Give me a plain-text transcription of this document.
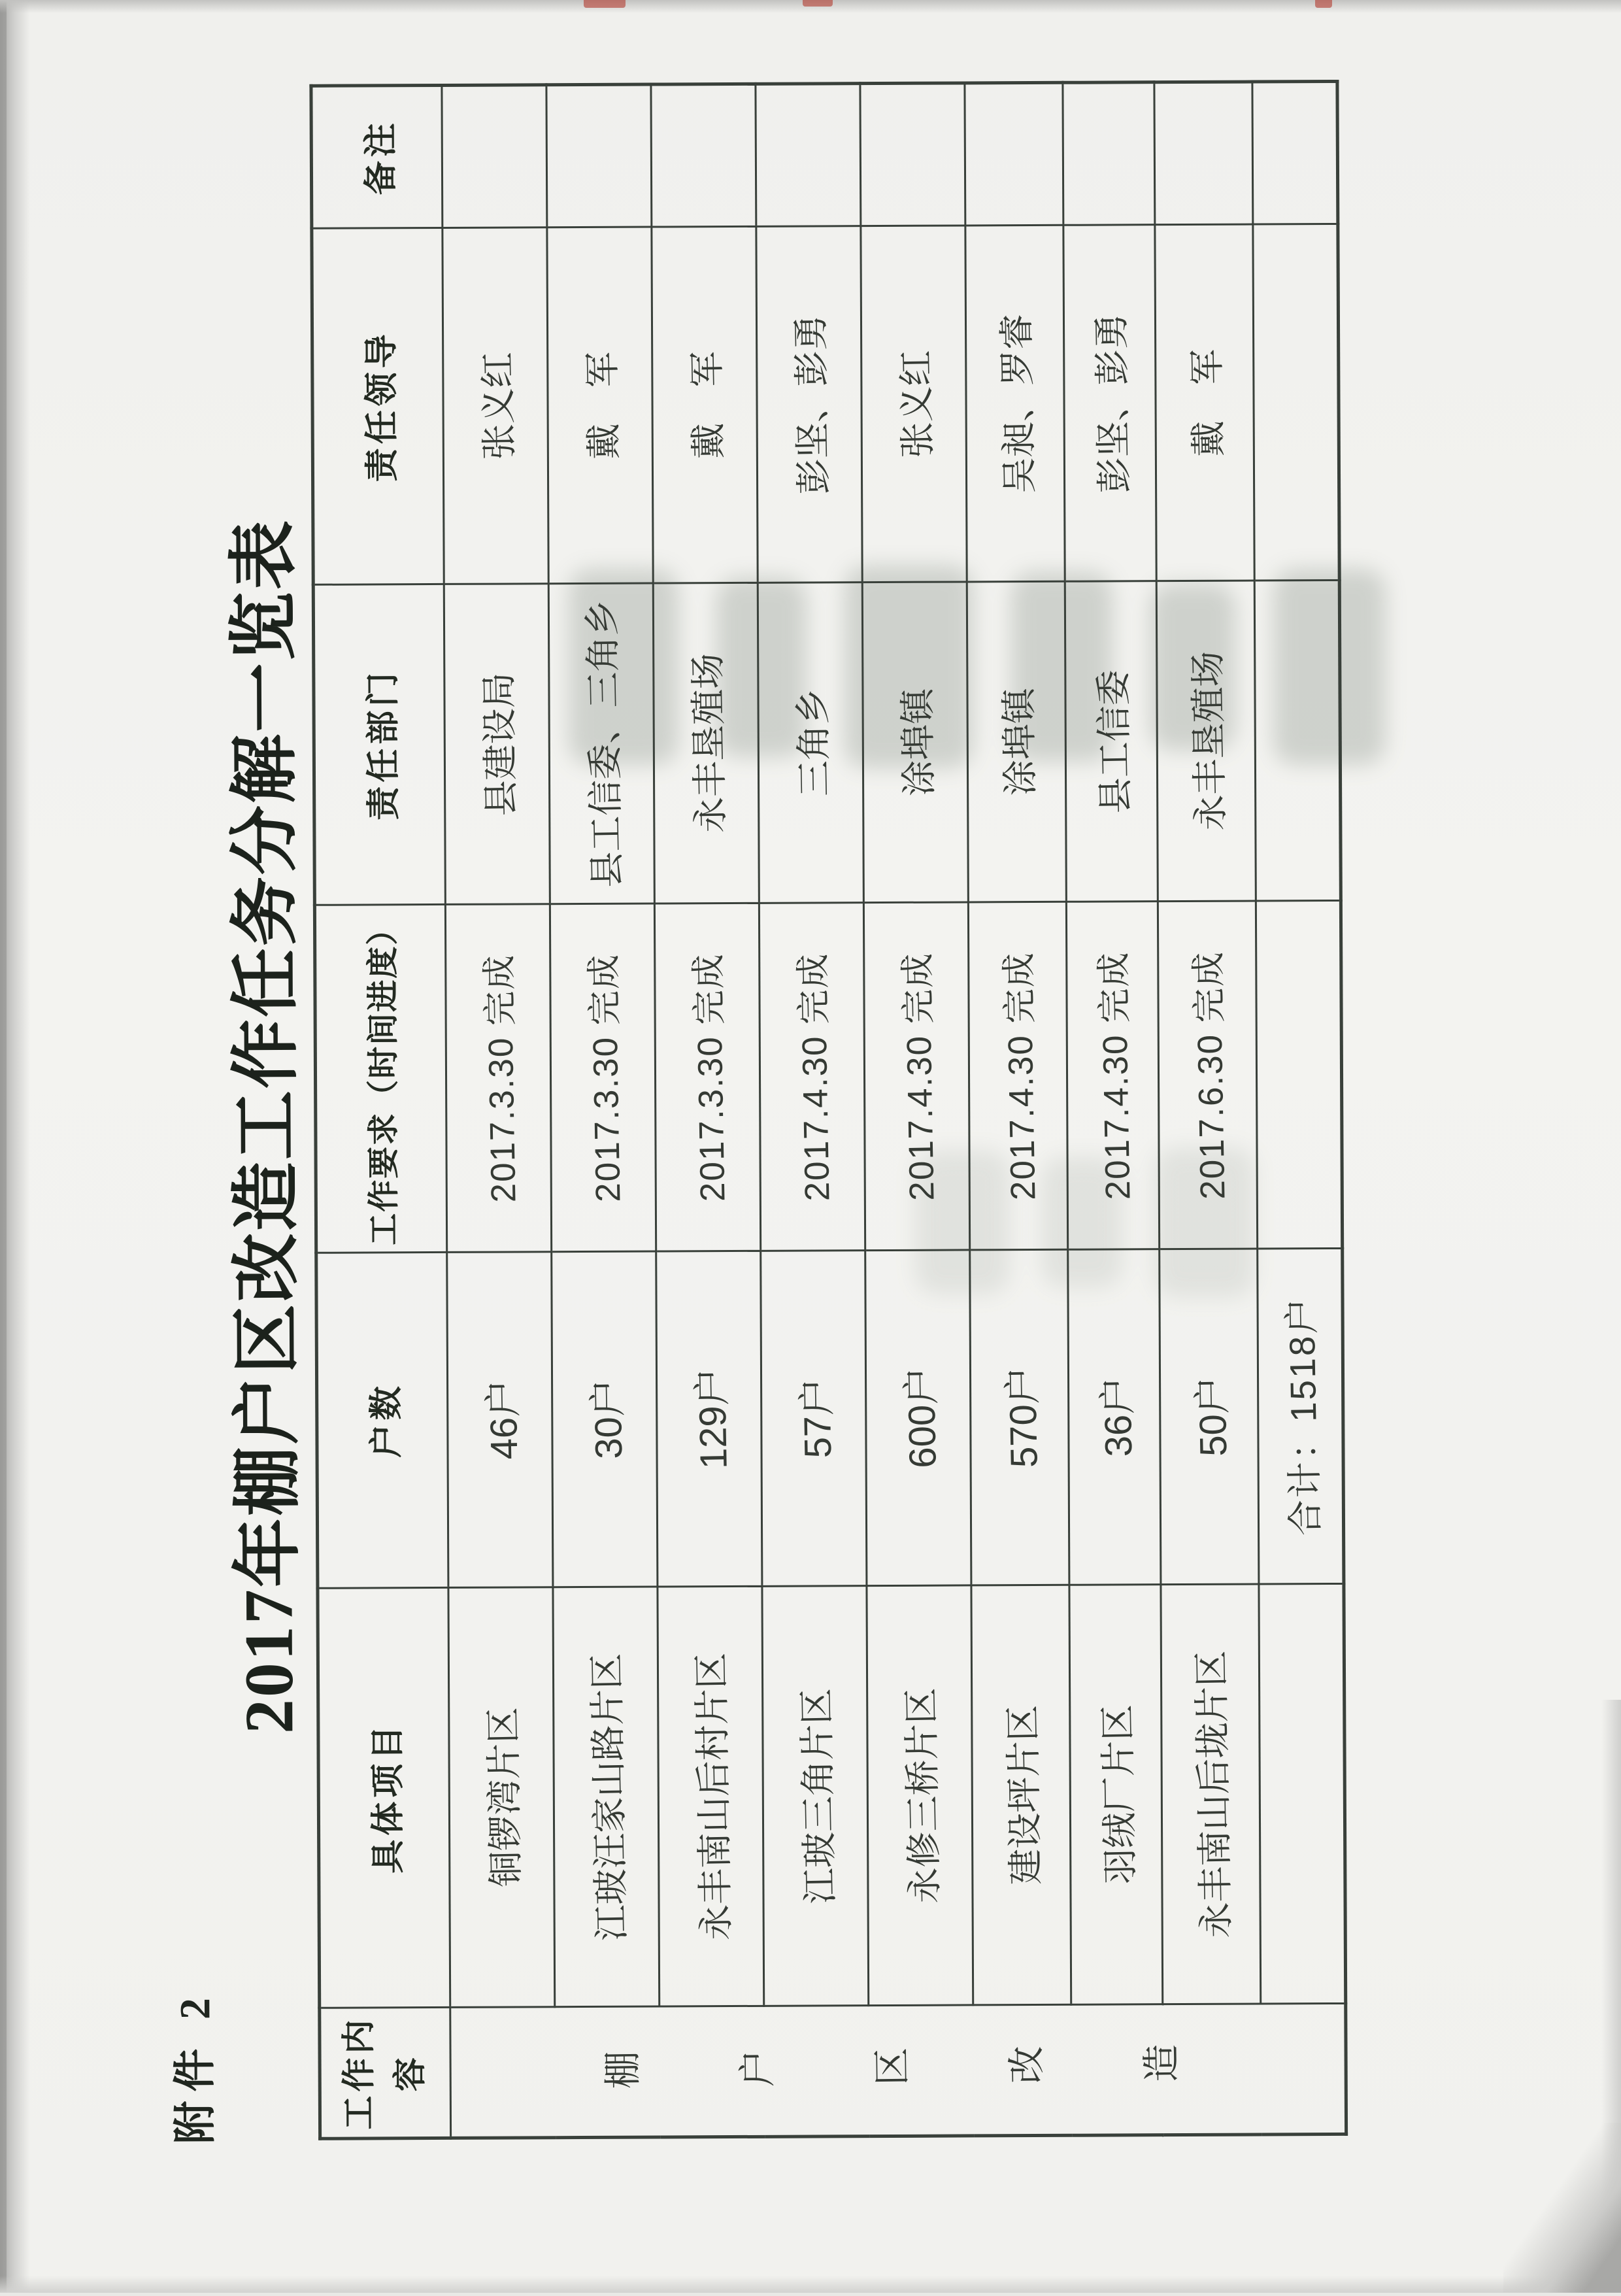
附件 2
2017年棚户区改造工作任务分解一览表
工作内容	具体项目	户数	工作要求（时间进度）	责任部门	责任领导	备注
棚户区改造	铜锣湾片区	46户	2017.3.30 完成	县建设局	张义红	
	江玻汪家山路片区	30户	2017.3.30 完成	县工信委、三角乡	戴　军	
	永丰南山后村片区	129户	2017.3.30 完成	永丰垦殖场	戴　军	
	江玻三角片区	57户	2017.4.30 完成	三角乡	彭坚、彭勇	
	永修三桥片区	600户	2017.4.30 完成	涂埠镇	张义红	
	建设坪片区	570户	2017.4.30 完成	涂埠镇	吴昶、罗睿	
	羽绒厂片区	36户	2017.4.30 完成	县工信委	彭坚、彭勇	
	永丰南山后垅片区	50户	2017.6.30 完成	永丰垦殖场	戴　军	
		合计：1518户				
